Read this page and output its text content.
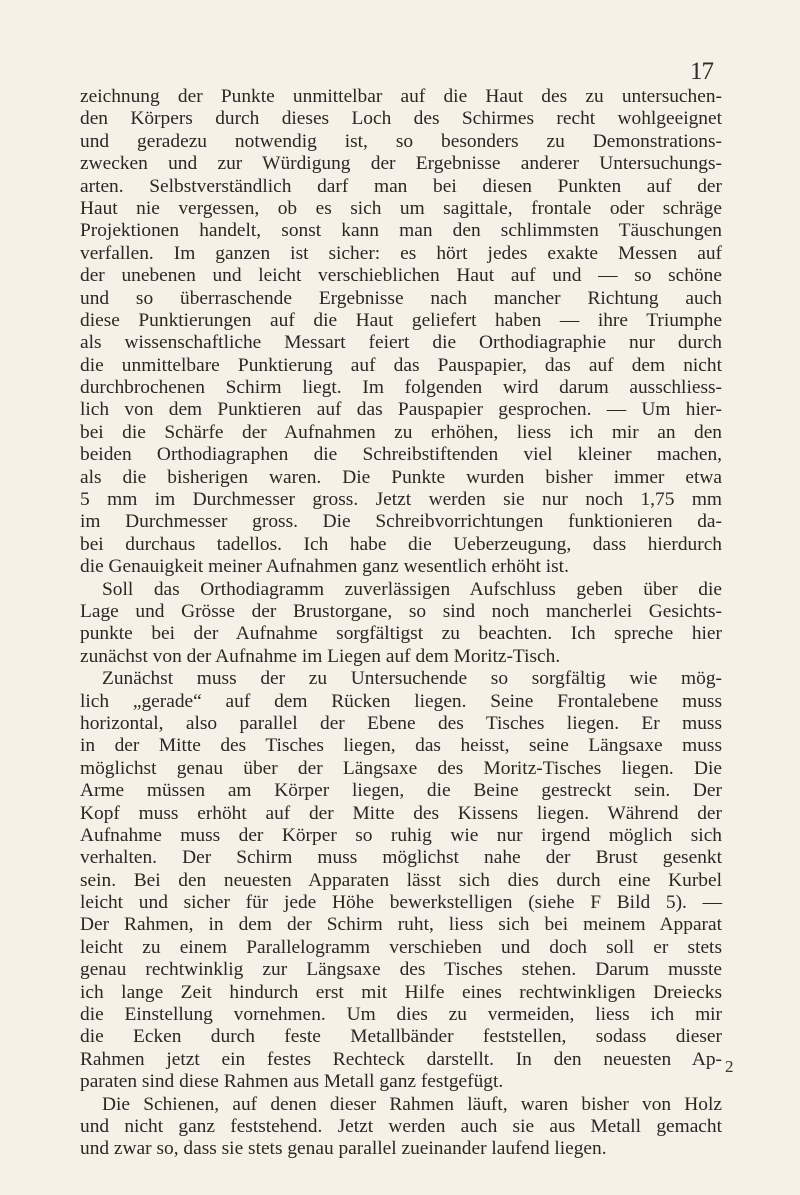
17
zeichnung der Punkte unmittelbar auf die Haut des zu untersuchen-
den Körpers durch dieses Loch des Schirmes recht wohlgeeignet
und geradezu notwendig ist, so besonders zu Demonstrations-
zwecken und zur Würdigung der Ergebnisse anderer Untersuchungs-
arten. Selbstverständlich darf man bei diesen Punkten auf der
Haut nie vergessen, ob es sich um sagittale, frontale oder schräge
Projektionen handelt, sonst kann man den schlimmsten Täuschungen
verfallen. Im ganzen ist sicher: es hört jedes exakte Messen auf
der unebenen und leicht verschieblichen Haut auf und — so schöne
und so überraschende Ergebnisse nach mancher Richtung auch
diese Punktierungen auf die Haut geliefert haben — ihre Triumphe
als wissenschaftliche Messart feiert die Orthodiagraphie nur durch
die unmittelbare Punktierung auf das Pauspapier, das auf dem nicht
durchbrochenen Schirm liegt. Im folgenden wird darum ausschliess-
lich von dem Punktieren auf das Pauspapier gesprochen. — Um hier-
bei die Schärfe der Aufnahmen zu erhöhen, liess ich mir an den
beiden Orthodiagraphen die Schreibstiftenden viel kleiner machen,
als die bisherigen waren. Die Punkte wurden bisher immer etwa
5 mm im Durchmesser gross. Jetzt werden sie nur noch 1,75 mm
im Durchmesser gross. Die Schreibvorrichtungen funktionieren da-
bei durchaus tadellos. Ich habe die Ueberzeugung, dass hierdurch
die Genauigkeit meiner Aufnahmen ganz wesentlich erhöht ist.
Soll das Orthodiagramm zuverlässigen Aufschluss geben über die
Lage und Grösse der Brustorgane, so sind noch mancherlei Gesichts-
punkte bei der Aufnahme sorgfältigst zu beachten. Ich spreche hier
zunächst von der Aufnahme im Liegen auf dem Moritz-Tisch.
Zunächst muss der zu Untersuchende so sorgfältig wie mög-
lich „gerade“ auf dem Rücken liegen. Seine Frontalebene muss
horizontal, also parallel der Ebene des Tisches liegen. Er muss
in der Mitte des Tisches liegen, das heisst, seine Längsaxe muss
möglichst genau über der Längsaxe des Moritz-Tisches liegen. Die
Arme müssen am Körper liegen, die Beine gestreckt sein. Der
Kopf muss erhöht auf der Mitte des Kissens liegen. Während der
Aufnahme muss der Körper so ruhig wie nur irgend möglich sich
verhalten. Der Schirm muss möglichst nahe der Brust gesenkt
sein. Bei den neuesten Apparaten lässt sich dies durch eine Kurbel
leicht und sicher für jede Höhe bewerkstelligen (siehe F Bild 5). —
Der Rahmen, in dem der Schirm ruht, liess sich bei meinem Apparat
leicht zu einem Parallelogramm verschieben und doch soll er stets
genau rechtwinklig zur Längsaxe des Tisches stehen. Darum musste
ich lange Zeit hindurch erst mit Hilfe eines rechtwinkligen Dreiecks
die Einstellung vornehmen. Um dies zu vermeiden, liess ich mir
die Ecken durch feste Metallbänder feststellen, sodass dieser
Rahmen jetzt ein festes Rechteck darstellt. In den neuesten Ap-
paraten sind diese Rahmen aus Metall ganz festgefügt.
Die Schienen, auf denen dieser Rahmen läuft, waren bisher von Holz
und nicht ganz feststehend. Jetzt werden auch sie aus Metall gemacht
und zwar so, dass sie stets genau parallel zueinander laufend liegen.
2
